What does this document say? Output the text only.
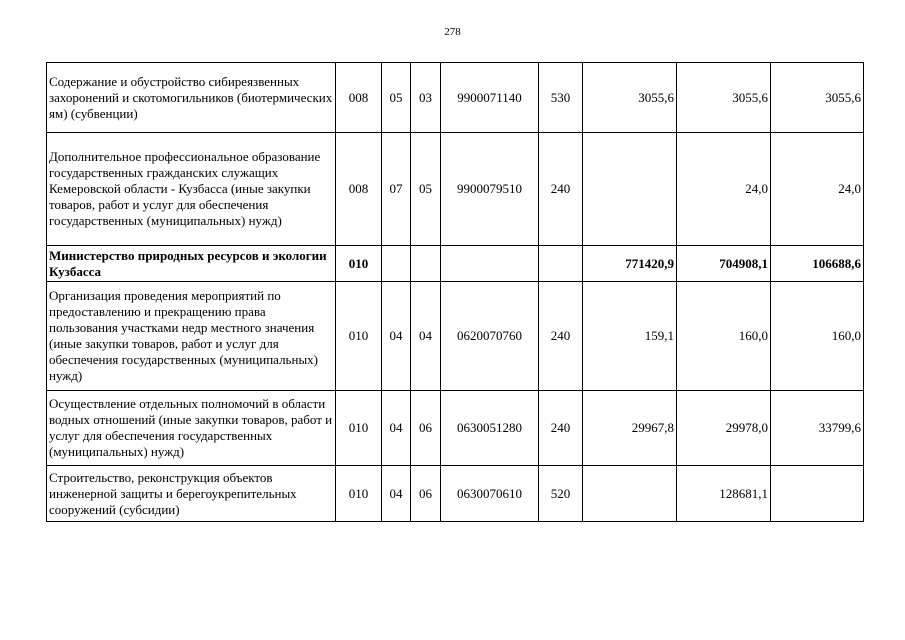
278
Содержание и обустройство сибиреязвенных захоронений и скотомогильников (биотермических ям) (субвенции)	008	05	03	9900071140	530	3055,6	3055,6	3055,6
Дополнительное профессиональное образование государственных гражданских служащих Кемеровской области - Кузбасса (иные закупки товаров, работ и услуг для обеспечения государственных (муниципальных) нужд)	008	07	05	9900079510	240		24,0	24,0
Министерство природных ресурсов и экологии Кузбасса	010					771420,9	704908,1	106688,6
Организация проведения мероприятий по предоставлению и прекращению права пользования участками недр местного значения (иные закупки товаров, работ и услуг для обеспечения государственных (муниципальных) нужд)	010	04	04	0620070760	240	159,1	160,0	160,0
Осуществление отдельных полномочий в области водных отношений (иные закупки товаров, работ и услуг для обеспечения государственных (муниципальных) нужд)	010	04	06	0630051280	240	29967,8	29978,0	33799,6
Строительство, реконструкция объектов инженерной защиты и берегоукрепительных сооружений (субсидии)	010	04	06	0630070610	520		128681,1	
